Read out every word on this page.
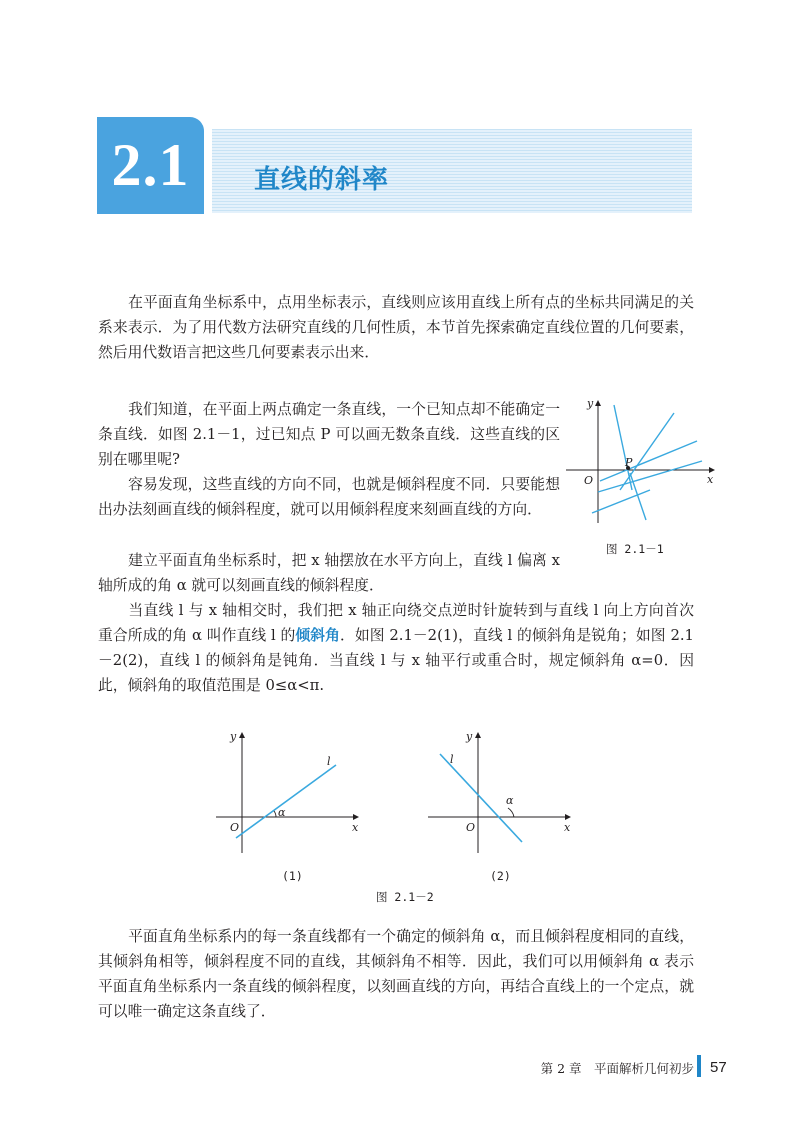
2.1	直线的斜率

在平面直角坐标系中，点用坐标表示，直线则应该用直线上所有点的坐标共同满足的关系来表示．为了用代数方法研究直线的几何性质，本节首先探索确定直线位置的几何要素，然后用代数语言把这些几何要素表示出来．

我们知道，在平面上两点确定一条直线，一个已知点却不能确定一条直线．如图 2.1－1，过已知点 P 可以画无数条直线．这些直线的区别在哪里呢?

容易发现，这些直线的方向不同，也就是倾斜程度不同．只要能想出办法刻画直线的倾斜程度，就可以用倾斜程度来刻画直线的方向．

建立平面直角坐标系时，把 x 轴摆放在水平方向上，直线 l 偏离 x 轴所成的角 α 就可以刻画直线的倾斜程度．

当直线 l 与 x 轴相交时，我们把 x 轴正向绕交点逆时针旋转到与直线 l 向上方向首次重合所成的角 α 叫作直线 l 的倾斜角．如图 2.1－2(1)，直线 l 的倾斜角是锐角；如图 2.1－2(2)，直线 l 的倾斜角是钝角．当直线 l 与 x 轴平行或重合时，规定倾斜角 α=0．因此，倾斜角的取值范围是 0≤α<π.

平面直角坐标系内的每一条直线都有一个确定的倾斜角 α，而且倾斜程度相同的直线，其倾斜角相等，倾斜程度不同的直线，其倾斜角不相等．因此，我们可以用倾斜角 α 表示平面直角坐标系内一条直线的倾斜程度，以刻画直线的方向，再结合直线上的一个定点，就可以唯一确定这条直线了．

y
x
O
P
图 2.1－1
y
x
O
l
α
(1)
y
x
O
l
α
(2)
图 2.1－2
第 2 章　平面解析几何初步 57
